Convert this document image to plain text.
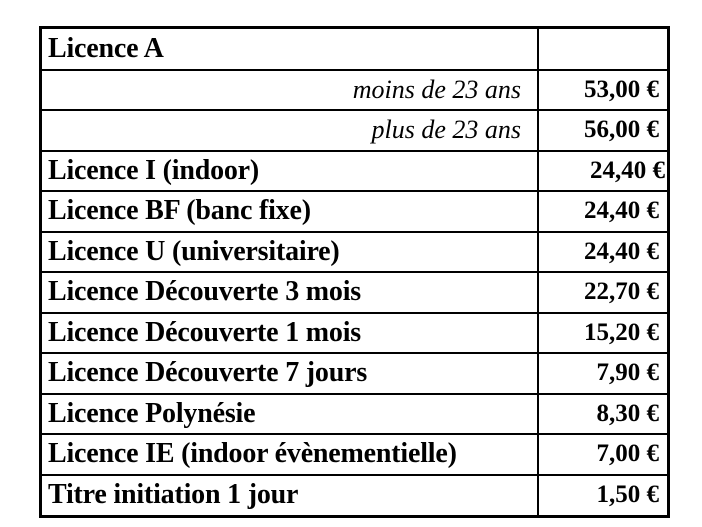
Licence A	
moins de 23 ans	53,00 €
plus de 23 ans	56,00 €
Licence I (indoor)	24,40 €
Licence BF (banc fixe)	24,40 €
Licence U (universitaire)	24,40 €
Licence Découverte 3 mois	22,70 €
Licence Découverte 1 mois	15,20 €
Licence Découverte 7 jours	7,90 €
Licence Polynésie	8,30 €
Licence IE (indoor évènementielle)	7,00 €
Titre initiation 1 jour	1,50 €
